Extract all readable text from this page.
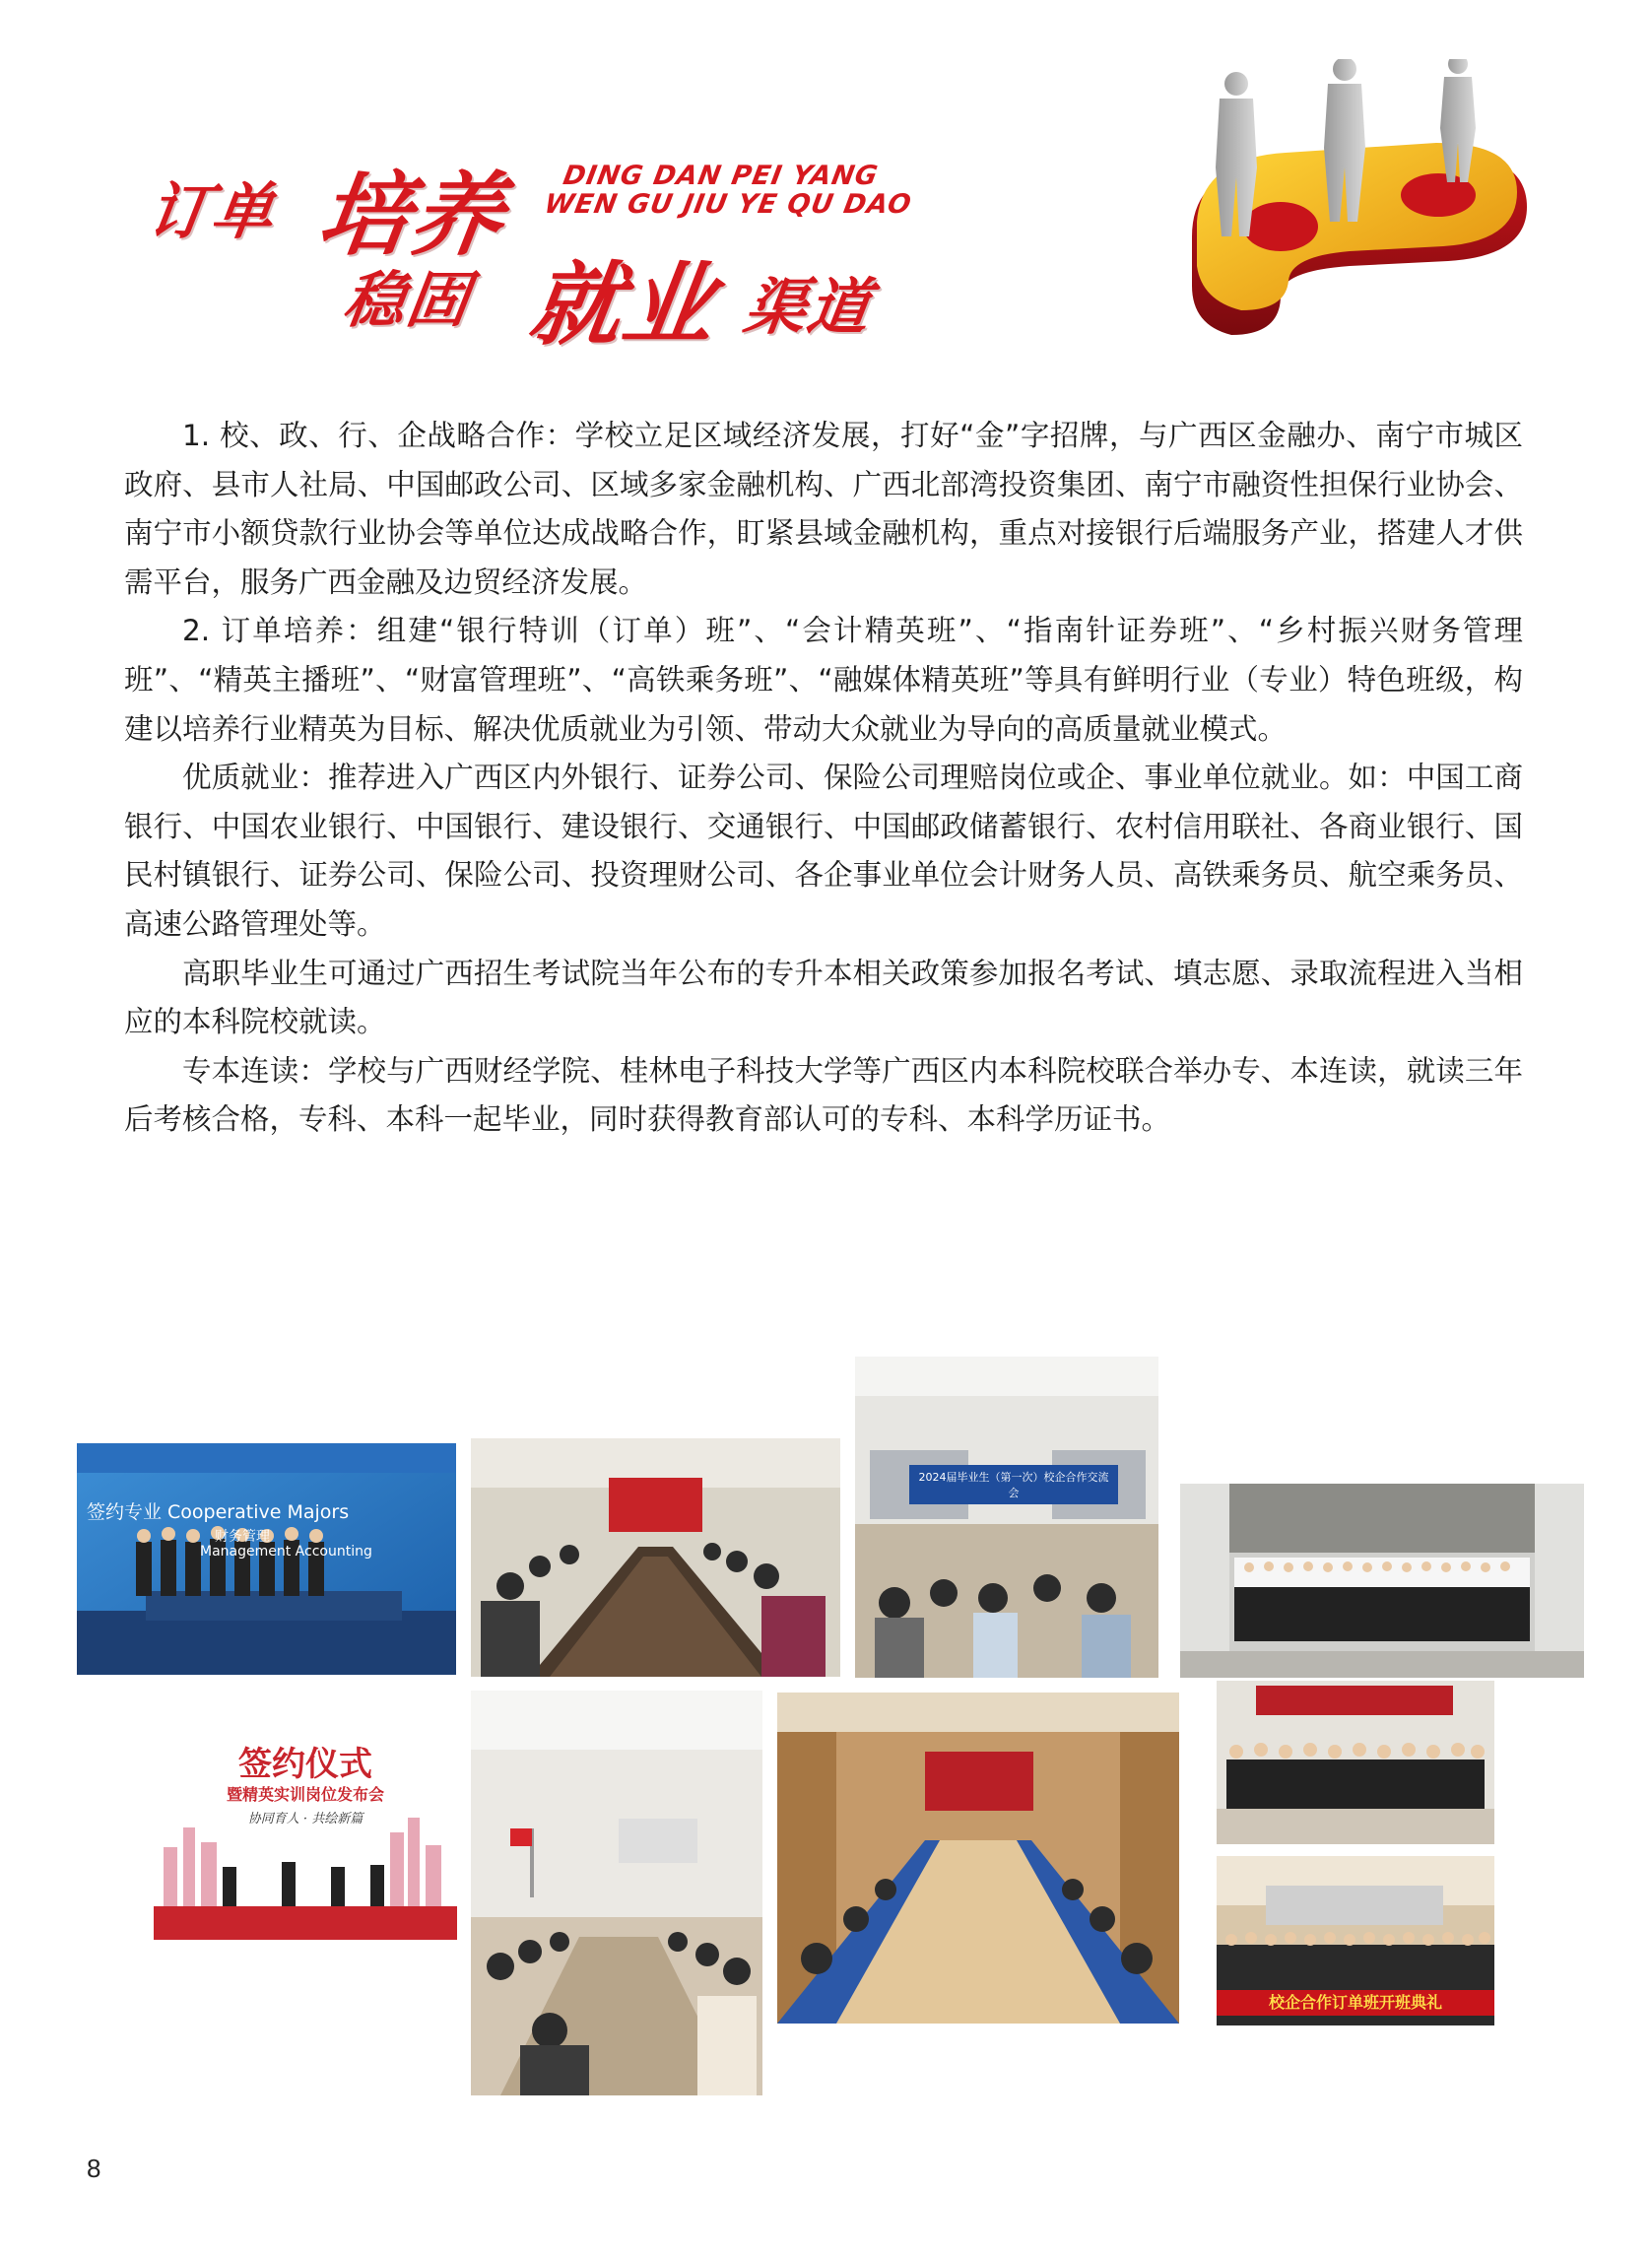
订单 培养
稳固 就业 渠道
DING DAN PEI YANG
WEN GU JIU YE QU DAO

1. 校、政、行、企战略合作：学校立足区域经济发展，打好“金”字招牌，与广西区金融办、南宁市城区政府、县市人社局、中国邮政公司、区域多家金融机构、广西北部湾投资集团、南宁市融资性担保行业协会、南宁市小额贷款行业协会等单位达成战略合作，盯紧县域金融机构，重点对接银行后端服务产业，搭建人才供需平台，服务广西金融及边贸经济发展。

2. 订单培养：组建“银行特训（订单）班”、“会计精英班”、“指南针证券班”、“乡村振兴财务管理班”、“精英主播班”、“财富管理班”、“高铁乘务班”、“融媒体精英班”等具有鲜明行业（专业）特色班级，构建以培养行业精英为目标、解决优质就业为引领、带动大众就业为导向的高质量就业模式。

优质就业：推荐进入广西区内外银行、证券公司、保险公司理赔岗位或企、事业单位就业。如：中国工商银行、中国农业银行、中国银行、建设银行、交通银行、中国邮政储蓄银行、农村信用联社、各商业银行、国民村镇银行、证券公司、保险公司、投资理财公司、各企事业单位会计财务人员、高铁乘务员、航空乘务员、高速公路管理处等。

高职毕业生可通过广西招生考试院当年公布的专升本相关政策参加报名考试、填志愿、录取流程进入当相应的本科院校就读。

专本连读：学校与广西财经学院、桂林电子科技大学等广西区内本科院校联合举办专、本连读，就读三年后考核合格，专科、本科一起毕业，同时获得教育部认可的专科、本科学历证书。

签约专业 Cooperative Majors
财务管理
Management Accounting
2024届毕业生（第一次）校企合作交流会
签约仪式
暨精英实训岗位发布会
协同育人 · 共绘新篇
校企合作订单班开班典礼
8
